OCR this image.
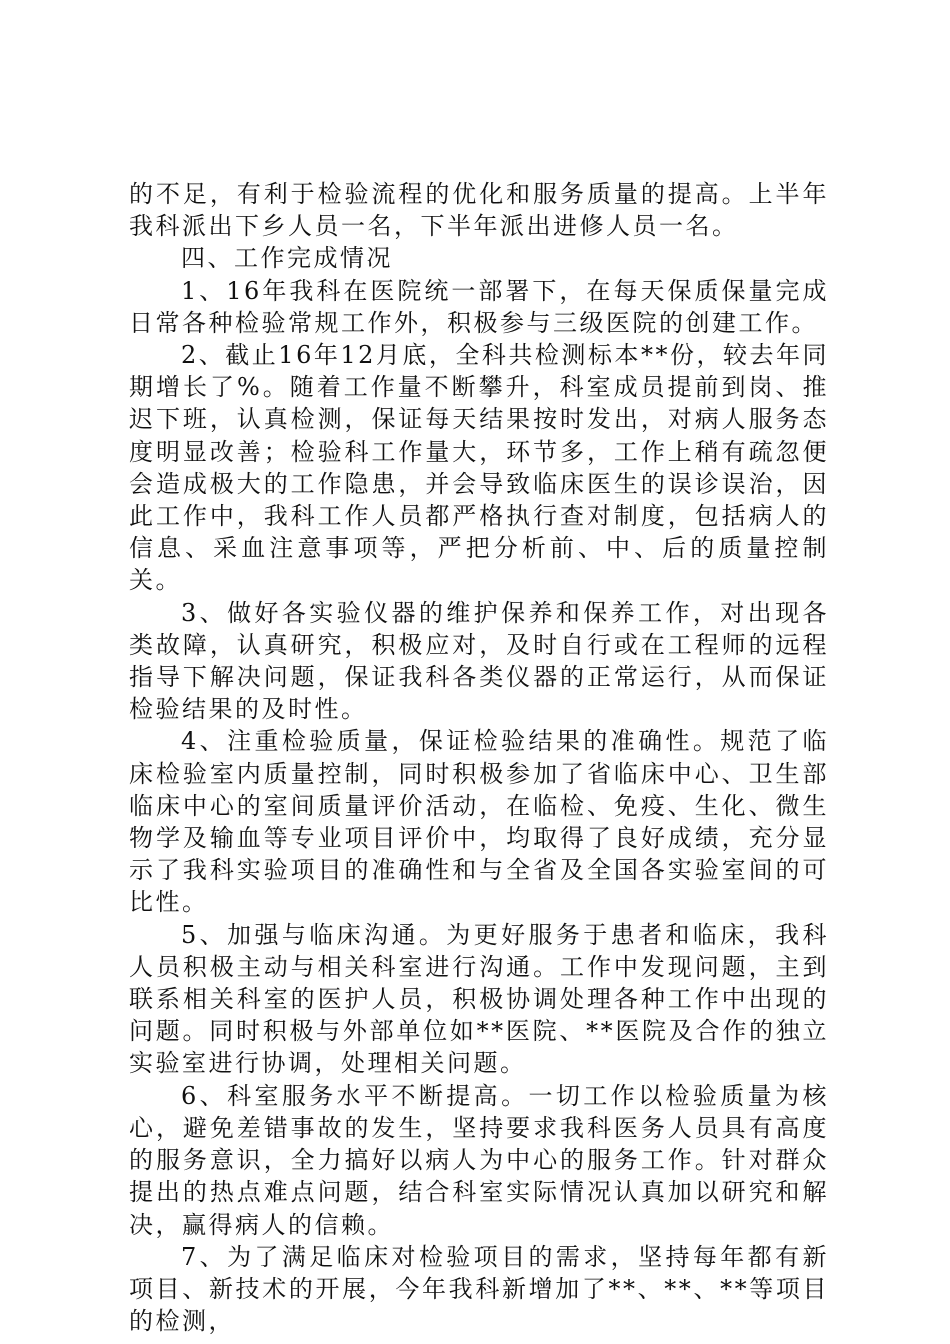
的不足，有利于检验流程的优化和服务质量的提高。上半年我科派出下乡人员一名，下半年派出进修人员一名。

四、工作完成情况

1、16年我科在医院统一部署下，在每天保质保量完成日常各种检验常规工作外，积极参与三级医院的创建工作。

2、截止16年12月底，全科共检测标本**份，较去年同期增长了%。随着工作量不断攀升，科室成员提前到岗、推迟下班，认真检测，保证每天结果按时发出，对病人服务态度明显改善；检验科工作量大，环节多，工作上稍有疏忽便会造成极大的工作隐患，并会导致临床医生的误诊误治，因此工作中，我科工作人员都严格执行查对制度，包括病人的信息、采血注意事项等，严把分析前、中、后的质量控制关。

3、做好各实验仪器的维护保养和保养工作，对出现各类故障，认真研究，积极应对，及时自行或在工程师的远程指导下解决问题，保证我科各类仪器的正常运行，从而保证检验结果的及时性。

4、注重检验质量，保证检验结果的准确性。规范了临床检验室内质量控制，同时积极参加了省临床中心、卫生部临床中心的室间质量评价活动，在临检、免疫、生化、微生物学及输血等专业项目评价中，均取得了良好成绩，充分显示了我科实验项目的准确性和与全省及全国各实验室间的可比性。

5、加强与临床沟通。为更好服务于患者和临床，我科人员积极主动与相关科室进行沟通。工作中发现问题，主到联系相关科室的医护人员，积极协调处理各种工作中出现的问题。同时积极与外部单位如**医院、**医院及合作的独立实验室进行协调，处理相关问题。

6、科室服务水平不断提高。一切工作以检验质量为核心，避免差错事故的发生，坚持要求我科医务人员具有高度的服务意识，全力搞好以病人为中心的服务工作。针对群众提出的热点难点问题，结合科室实际情况认真加以研究和解决，赢得病人的信赖。

7、为了满足临床对检验项目的需求，坚持每年都有新项目、新技术的开展，今年我科新增加了**、**、**等项目的检测，
